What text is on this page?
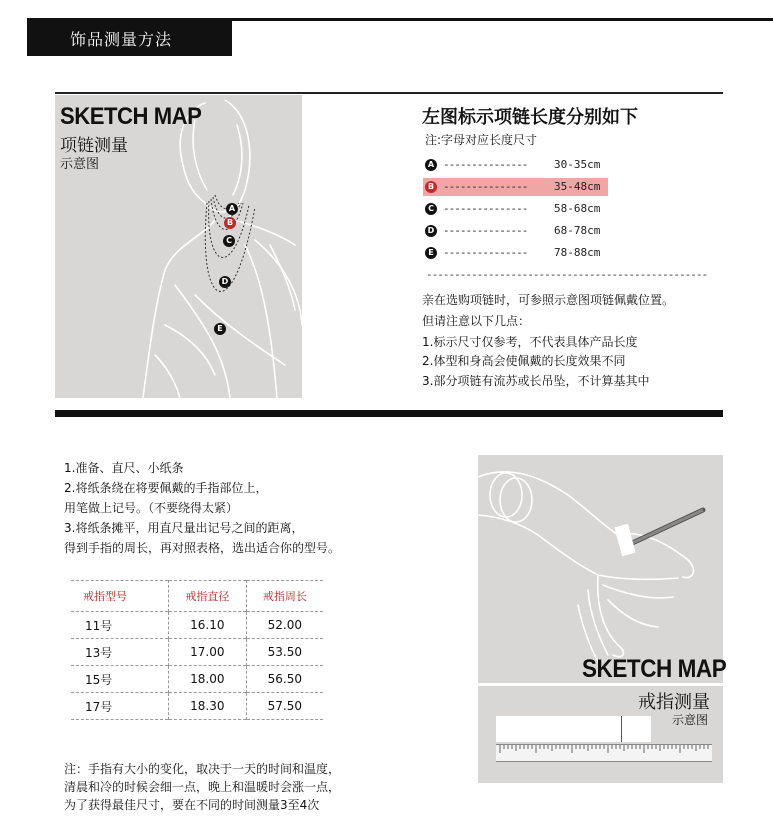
饰品测量方法
SKETCH MAP
项链测量
示意图
A
B
C
D
E
左图标示项链长度分别如下
注:字母对应长度尺寸
A --------------- 30-35cm
B --------------- 35-48cm
C --------------- 58-68cm
D --------------- 68-78cm
E --------------- 78-88cm
--------------------------------------------------
亲在选购项链时，可参照示意图项链佩戴位置。
但请注意以下几点：
1.标示尺寸仅参考，不代表具体产品长度
2.体型和身高会使佩戴的长度效果不同
3.部分项链有流苏或长吊坠，不计算基其中
1.准备、直尺、小纸条
2.将纸条绕在将要佩戴的手指部位上，
用笔做上记号。（不要绕得太紧）
3.将纸条摊平，用直尺量出记号之间的距离，
得到手指的周长，再对照表格，选出适合你的型号。
戒指型号	戒指直径	戒指周长
11号	16.10	52.00
13号	17.00	53.50
15号	18.00	56.50
17号	18.30	57.50
注：手指有大小的变化，取决于一天的时间和温度，
清晨和冷的时候会细一点，晚上和温暖时会涨一点，
为了获得最佳尺寸，要在不同的时间测量3至4次
SKETCH MAP
戒指测量
示意图
